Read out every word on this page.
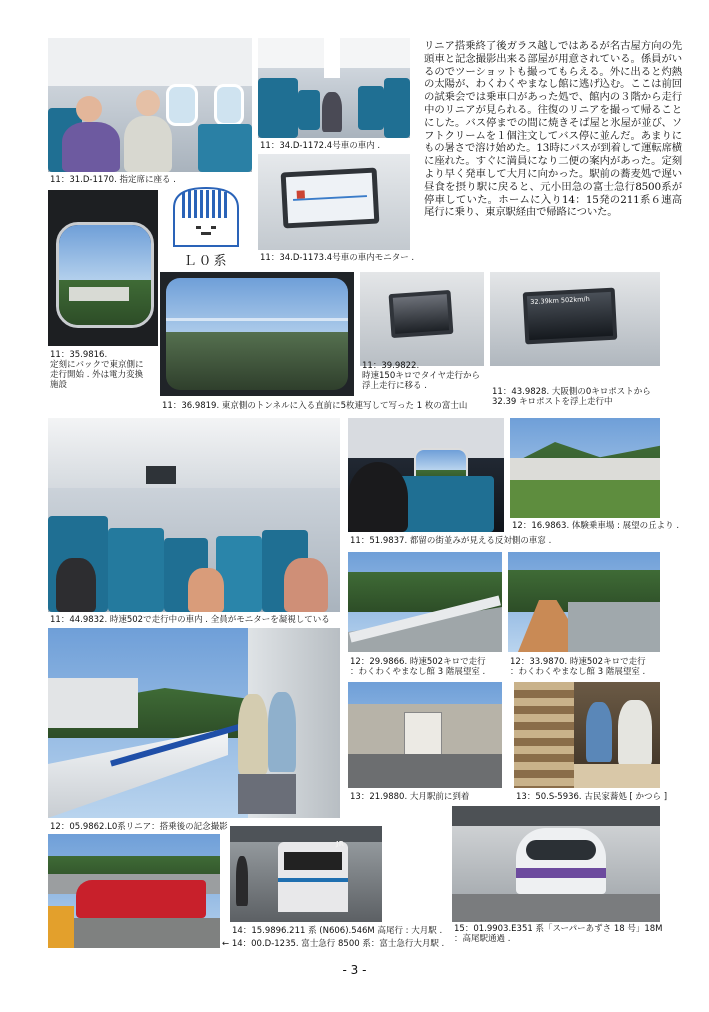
11：31.D-1170. 指定席に座る .
11：34.D-1172.4号車の車内 .
11：34.D-1173.4号車の車内モニター .
リニア搭乗終了後ガラス越しではあるが名古屋方向の先頭車と記念撮影出来る部屋が用意されている。係員がいるのでツーショットも撮ってもらえる。外に出ると灼熱の太陽が、わくわくやまなし館に逃げ込む。ここは前回の試乗会では乗車口があった処で、館内の３階から走行中のリニアが見られる。往復のリニアを撮って帰ることにした。バス停までの間に焼きそば屋と氷屋が並び、ソフトクリームを１個注文してバス停に並んだ。あまりにもの暑さで溶け始めた。13時にバスが到着して運転席横に座れた。すぐに満員になり二便の案内があった。定刻より早く発車して大月に向かった。駅前の蕎麦処で遅い昼食を摂り駅に戻ると、元小田急の富士急行8500系が停車していた。ホームに入り14：15発の211系６連高尾行に乗り、東京駅経由で帰路についた。
11：35.9816.
定刻にバックで東京側に
走行開始 . 外は電力変換
施設
Ｌ０系
11：36.9819. 東京側のトンネルに入る直前に5枚連写して写った 1 枚の富士山
11：39.9822.
時速150キロでタイヤ走行から
浮上走行に移る .
32.39km 502km/h
11：43.9828. 大阪側の0キロポストから
32.39 キロポストを浮上走行中
11：44.9832. 時速502で走行中の車内 . 全員がモニターを凝視している
11：51.9837. 都留の街並みが見える反対側の車窓 .
12：16.9863. 体験乗車場 : 展望の丘より .
12：29.9866. 時速502キロで走行
：わくわくやまなし館 3 階展望室 .
12：33.9870. 時速502キロで走行
：わくわくやまなし館 3 階展望室 .
12：05.9862.L0系リニア：搭乗後の記念撮影
13：21.9880. 大月駅前に到着	13：50.S-5936. 古民家蕎処 [ かつら ]
JR
14：15.9896.211 系 (N606).546M 高尾行 : 大月駅 .
← 14：00.D-1235. 富士急行 8500 系：富士急行大月駅 .
15：01.9903.E351 系「スーパーあずさ 18 号」18M
：高尾駅通過 .
- 3 -
